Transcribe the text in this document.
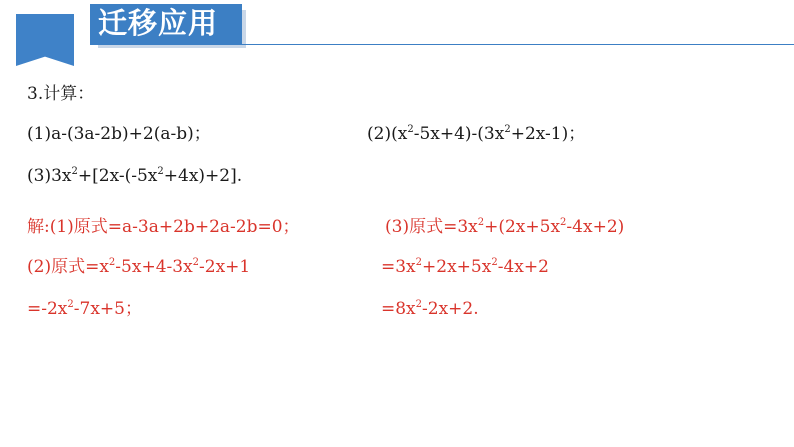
迁移应用
3.计算：
(1)a-(3a-2b)+2(a-b)；	$(2)(x^2-5x+4)-(3x^2+2x-1)$；
$(3)3x^2+[2x-(-5x^2+4x)+2]$.
解:(1)原式=a-3a+2b+2a-2b=0；
(2)原式$=x^2-5x+4-3x^2-2x+1$
$=-2x^2-7x+5$；
(3)原式$=3x^2+(2x+5x^2-4x+2)$
$=3x^2+2x+5x^2-4x+2$
$=8x^2-2x+2$.
